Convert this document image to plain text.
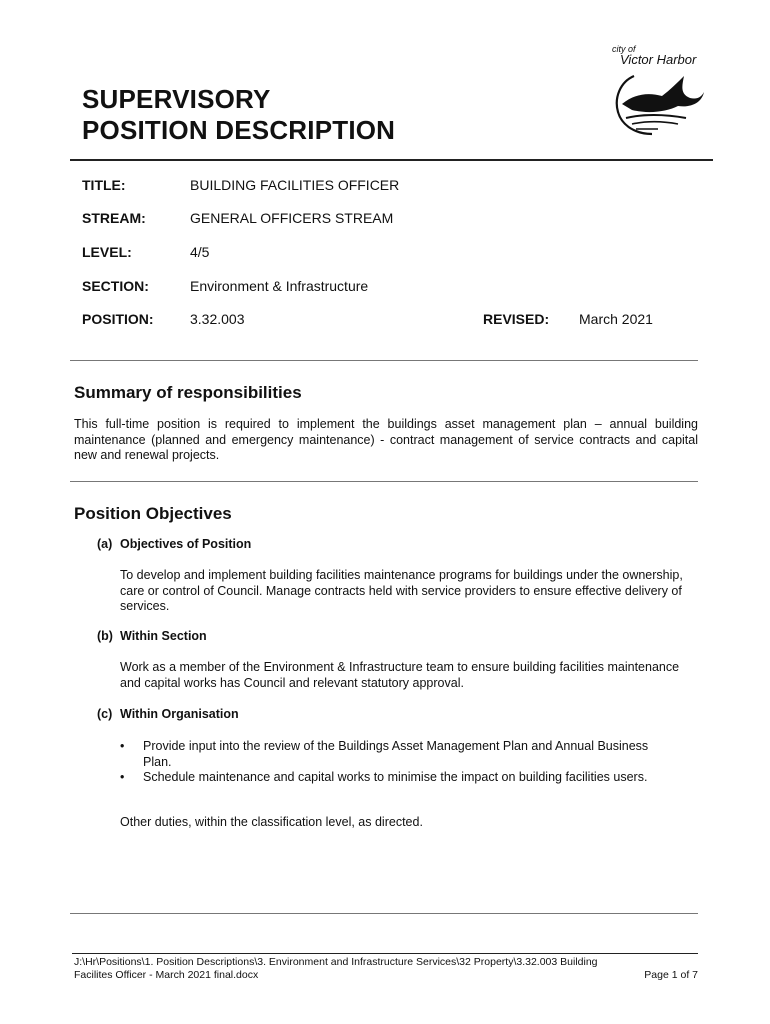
SUPERVISORY
POSITION DESCRIPTION
city of
Victor Harbor
TITLE:	BUILDING FACILITIES OFFICER
STREAM:	GENERAL OFFICERS STREAM
LEVEL:	4/5
SECTION:	Environment & Infrastructure
POSITION:	3.32.003	REVISED: March 2021
Summary of responsibilities
This full-time position is required to implement the buildings asset management plan – annual building maintenance (planned and emergency maintenance) - contract management of service contracts and capital new and renewal projects.
Position Objectives
(a) Objectives of Position
To develop and implement building facilities maintenance programs for buildings under the ownership, care or control of Council. Manage contracts held with service providers to ensure effective delivery of services.
(b) Within Section
Work as a member of the Environment & Infrastructure team to ensure building facilities maintenance and capital works has Council and relevant statutory approval.
(c) Within Organisation
• Provide input into the review of the Buildings Asset Management Plan and Annual Business Plan.
• Schedule maintenance and capital works to minimise the impact on building facilities users.
Other duties, within the classification level, as directed.
J:\Hr\Positions\1. Position Descriptions\3. Environment and Infrastructure Services\32 Property\3.32.003 Building
Facilites Officer - March 2021 final.docx	Page 1 of 7
